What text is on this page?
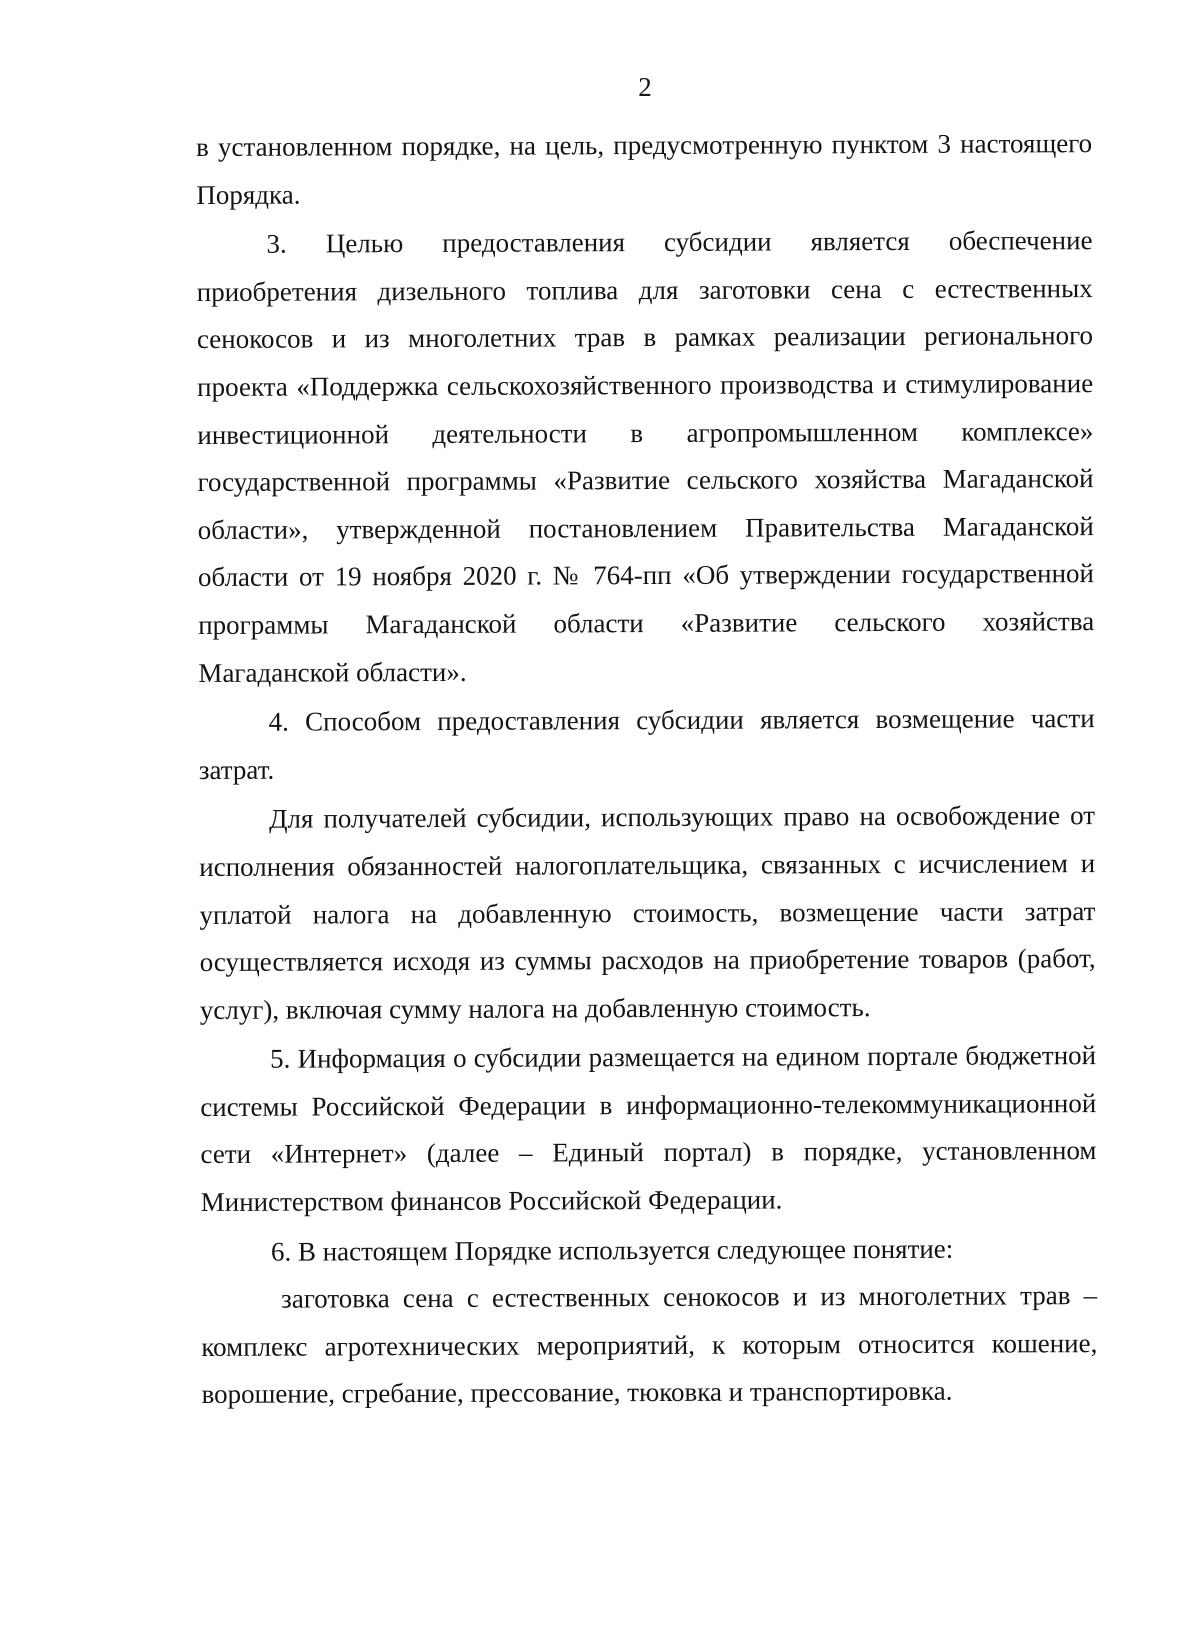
2

в установленном порядке, на цель, предусмотренную пунктом 3 настоящего Порядка.

3. Целью предоставления субсидии является обеспечение приобретения дизельного топлива для заготовки сена с естественных сенокосов и из многолетних трав в рамках реализации регионального проекта «Поддержка сельскохозяйственного производства и стимулирование инвестиционной деятельности в агропромышленном комплексе» государственной программы «Развитие сельского хозяйства Магаданской области», утвержденной постановлением Правительства Магаданской области от 19 ноября 2020 г. № 764-пп «Об утверждении государственной программы Магаданской области «Развитие сельского хозяйства Магаданской области».

4. Способом предоставления субсидии является возмещение части затрат.

Для получателей субсидии, использующих право на освобождение от исполнения обязанностей налогоплательщика, связанных с исчислением и уплатой налога на добавленную стоимость, возмещение части затрат осуществляется исходя из суммы расходов на приобретение товаров (работ, услуг), включая сумму налога на добавленную стоимость.

5. Информация о субсидии размещается на едином портале бюджетной системы Российской Федерации в информационно-телекоммуникационной сети «Интернет» (далее – Единый портал) в порядке, установленном Министерством финансов Российской Федерации.

6. В настоящем Порядке используется следующее понятие:

заготовка сена с естественных сенокосов и из многолетних трав – комплекс агротехнических мероприятий, к которым относится кошение, ворошение, сгребание, прессование, тюковка и транспортировка.
